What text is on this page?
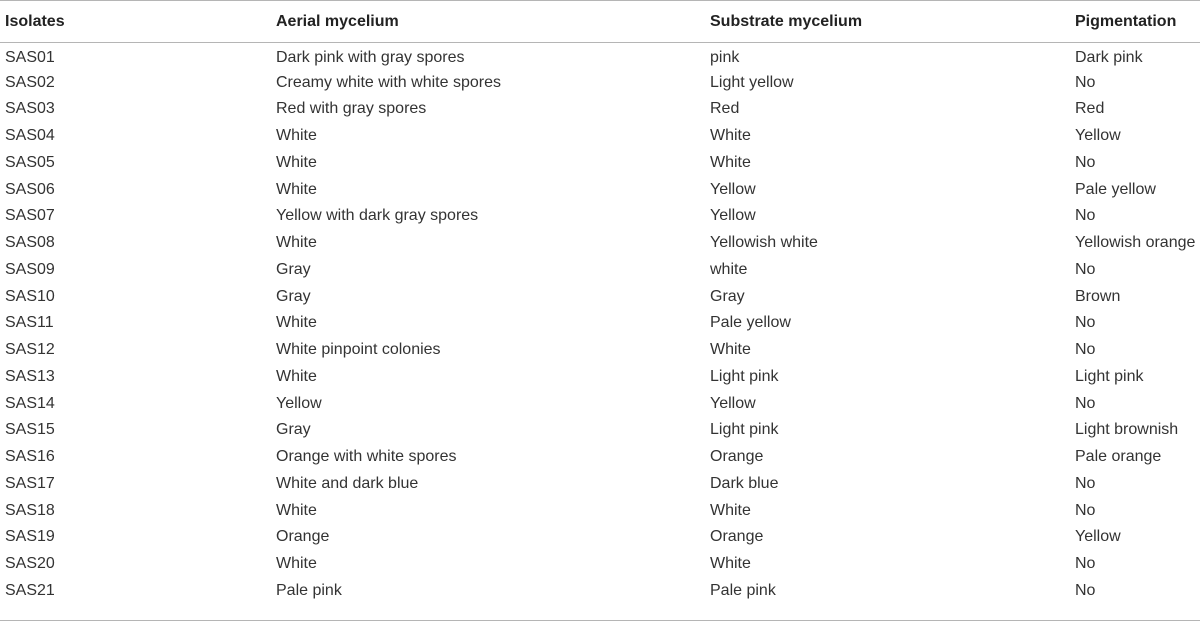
Isolates	Aerial mycelium	Substrate mycelium	Pigmentation
SAS01	Dark pink with gray spores	pink	Dark pink
SAS02	Creamy white with white spores	Light yellow	No
SAS03	Red with gray spores	Red	Red
SAS04	White	White	Yellow
SAS05	White	White	No
SAS06	White	Yellow	Pale yellow
SAS07	Yellow with dark gray spores	Yellow	No
SAS08	White	Yellowish white	Yellowish orange
SAS09	Gray	white	No
SAS10	Gray	Gray	Brown
SAS11	White	Pale yellow	No
SAS12	White pinpoint colonies	White	No
SAS13	White	Light pink	Light pink
SAS14	Yellow	Yellow	No
SAS15	Gray	Light pink	Light brownish
SAS16	Orange with white spores	Orange	Pale orange
SAS17	White and dark blue	Dark blue	No
SAS18	White	White	No
SAS19	Orange	Orange	Yellow
SAS20	White	White	No
SAS21	Pale pink	Pale pink	No
